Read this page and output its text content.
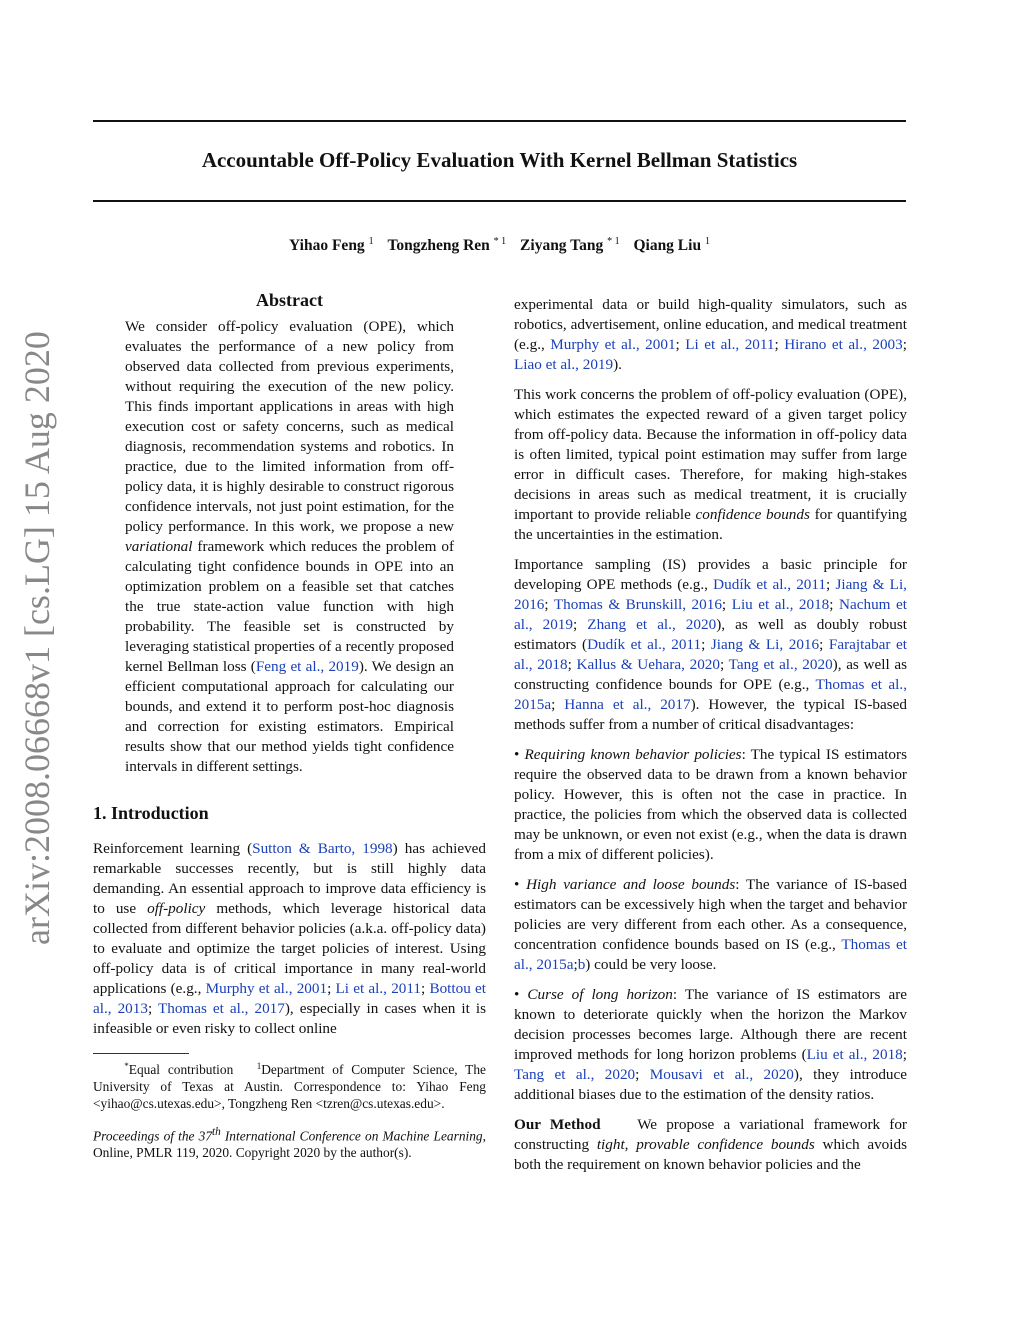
Accountable Off-Policy Evaluation With Kernel Bellman Statistics
Yihao Feng $^1$ Tongzheng Ren $^{* 1}$ Ziyang Tang $^{* 1}$ Qiang Liu $^1$
arXiv:2008.06668v1 [cs.LG] 15 Aug 2020
Abstract

We consider off-policy evaluation (OPE), which evaluates the performance of a new policy from observed data collected from previous experiments, without requiring the execution of the new policy. This finds important applications in areas with high execution cost or safety concerns, such as medical diagnosis, recommendation systems and robotics. In practice, due to the limited information from off-policy data, it is highly desirable to construct rigorous confidence intervals, not just point estimation, for the policy performance. In this work, we propose a new variational framework which reduces the problem of calculating tight confidence bounds in OPE into an optimization problem on a feasible set that catches the true state-action value function with high probability. The feasible set is constructed by leveraging statistical properties of a recently proposed kernel Bellman loss (Feng et al., 2019). We design an efficient computational approach for calculating our bounds, and extend it to perform post-hoc diagnosis and correction for existing estimators. Empirical results show that our method yields tight confidence intervals in different settings.

1. Introduction

Reinforcement learning (Sutton & Barto, 1998) has achieved remarkable successes recently, but is still highly data demanding. An essential approach to improve data efficiency is to use off-policy methods, which leverage historical data collected from different behavior policies (a.k.a. off-policy data) to evaluate and optimize the target policies of interest. Using off-policy data is of critical importance in many real-world applications (e.g., Murphy et al., 2001; Li et al., 2011; Bottou et al., 2013; Thomas et al., 2017), especially in cases when it is infeasible or even risky to collect online

*Equal contribution	$^1$Department of Computer Science, The University of Texas at Austin. Correspondence to: Yihao Feng <yihao@cs.utexas.edu>, Tongzheng Ren <tzren@cs.utexas.edu>.

Proceedings of the 37th International Conference on Machine Learning, Online, PMLR 119, 2020. Copyright 2020 by the author(s).

experimental data or build high-quality simulators, such as robotics, advertisement, online education, and medical treatment (e.g., Murphy et al., 2001; Li et al., 2011; Hirano et al., 2003; Liao et al., 2019).

This work concerns the problem of off-policy evaluation (OPE), which estimates the expected reward of a given target policy from off-policy data. Because the information in off-policy data is often limited, typical point estimation may suffer from large error in difficult cases. Therefore, for making high-stakes decisions in areas such as medical treatment, it is crucially important to provide reliable confidence bounds for quantifying the uncertainties in the estimation.

Importance sampling (IS) provides a basic principle for developing OPE methods (e.g., Dudík et al., 2011; Jiang & Li, 2016; Thomas & Brunskill, 2016; Liu et al., 2018; Nachum et al., 2019; Zhang et al., 2020), as well as doubly robust estimators (Dudík et al., 2011; Jiang & Li, 2016; Farajtabar et al., 2018; Kallus & Uehara, 2020; Tang et al., 2020), as well as constructing confidence bounds for OPE (e.g., Thomas et al., 2015a; Hanna et al., 2017). However, the typical IS-based methods suffer from a number of critical disadvantages:

• Requiring known behavior policies: The typical IS estimators require the observed data to be drawn from a known behavior policy. However, this is often not the case in practice. In practice, the policies from which the observed data is collected may be unknown, or even not exist (e.g., when the data is drawn from a mix of different policies).

• High variance and loose bounds: The variance of IS-based estimators can be excessively high when the target and behavior policies are very different from each other. As a consequence, concentration confidence bounds based on IS (e.g., Thomas et al., 2015a;b) could be very loose.

• Curse of long horizon: The variance of IS estimators are known to deteriorate quickly when the horizon the Markov decision processes becomes large. Although there are recent improved methods for long horizon problems (Liu et al., 2018; Tang et al., 2020; Mousavi et al., 2020), they introduce additional biases due to the estimation of the density ratios.

Our Method We propose a variational framework for constructing tight, provable confidence bounds which avoids both the requirement on known behavior policies and the
